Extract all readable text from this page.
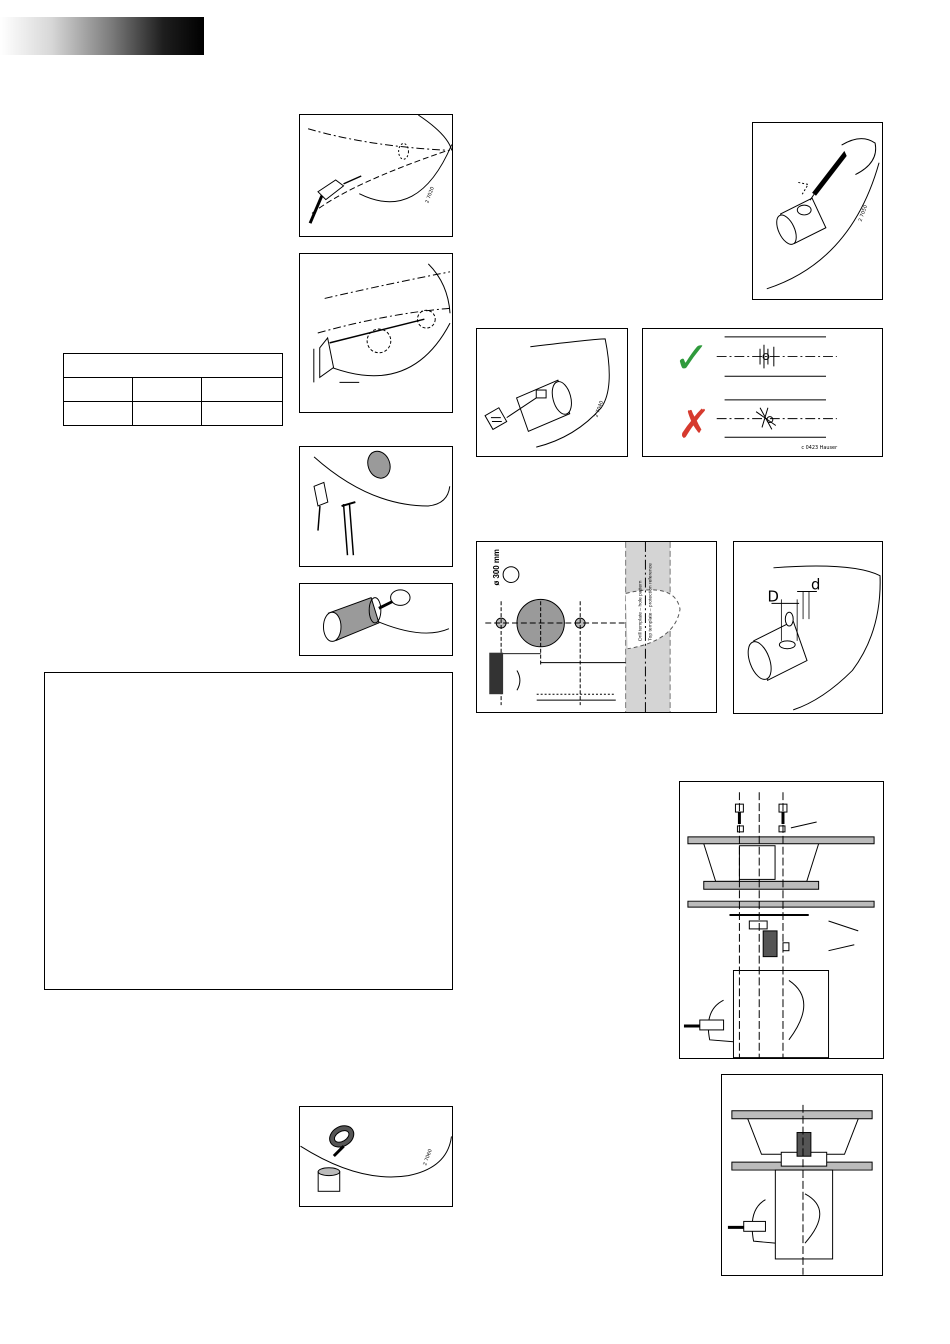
2 7020

2 7060
2 7050
2 7040
✓
✗
c 0423 Hauser
ø 300 mm
Drill template – hole pattern Top template – protection reference	D
d
